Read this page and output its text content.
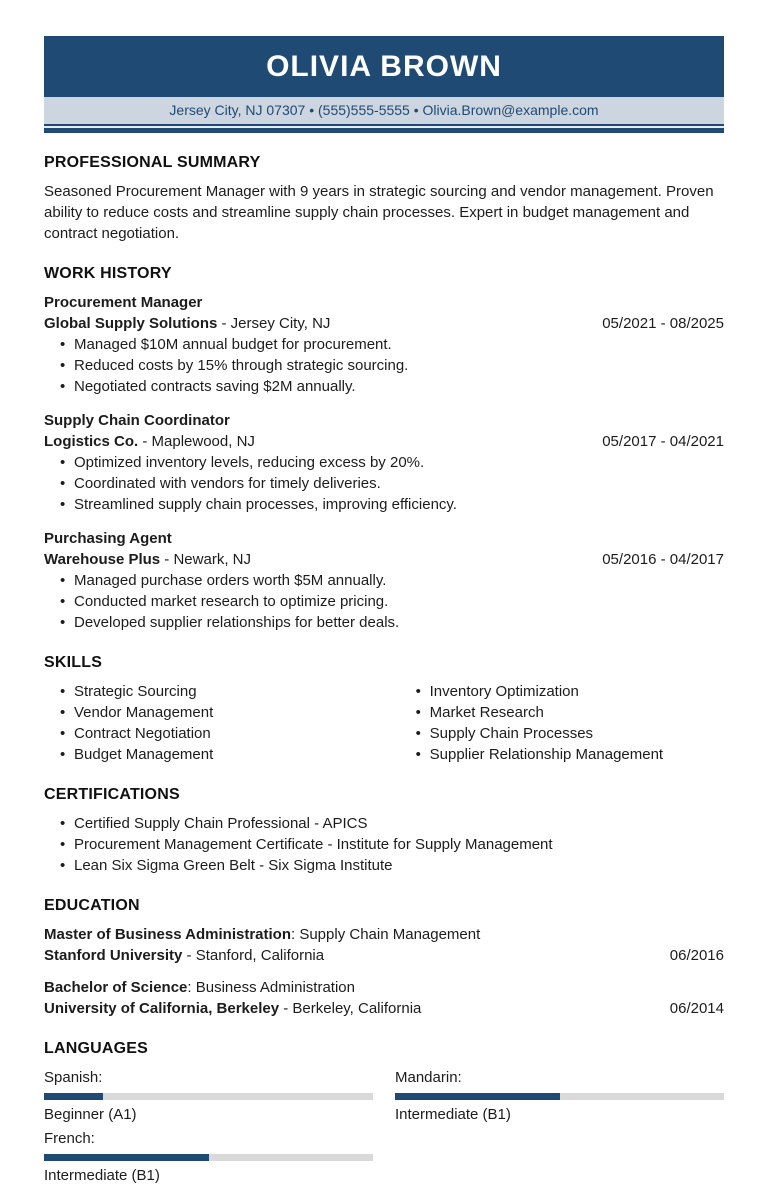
OLIVIA BROWN
Jersey City, NJ 07307 • (555)555-5555 • Olivia.Brown@example.com
PROFESSIONAL SUMMARY

Seasoned Procurement Manager with 9 years in strategic sourcing and vendor management. Proven ability to reduce costs and streamline supply chain processes. Expert in budget management and contract negotiation.

WORK HISTORY
Procurement Manager
Global Supply Solutions - Jersey City, NJ	05/2021 - 08/2025
• Managed $10M annual budget for procurement.
• Reduced costs by 15% through strategic sourcing.
• Negotiated contracts saving $2M annually.
Supply Chain Coordinator
Logistics Co. - Maplewood, NJ	05/2017 - 04/2021
• Optimized inventory levels, reducing excess by 20%.
• Coordinated with vendors for timely deliveries.
• Streamlined supply chain processes, improving efficiency.
Purchasing Agent
Warehouse Plus - Newark, NJ	05/2016 - 04/2017
• Managed purchase orders worth $5M annually.
• Conducted market research to optimize pricing.
• Developed supplier relationships for better deals.
SKILLS
• Strategic Sourcing
• Vendor Management
• Contract Negotiation
• Budget Management
• Inventory Optimization
• Market Research
• Supply Chain Processes
• Supplier Relationship Management
CERTIFICATIONS
• Certified Supply Chain Professional - APICS
• Procurement Management Certificate - Institute for Supply Management
• Lean Six Sigma Green Belt - Six Sigma Institute
EDUCATION
Master of Business Administration: Supply Chain Management
Stanford University - Stanford, California	06/2016
Bachelor of Science: Business Administration
University of California, Berkeley - Berkeley, California	06/2014
LANGUAGES
Spanish:
Beginner (A1)
Mandarin:
Intermediate (B1)
French:
Intermediate (B1)
